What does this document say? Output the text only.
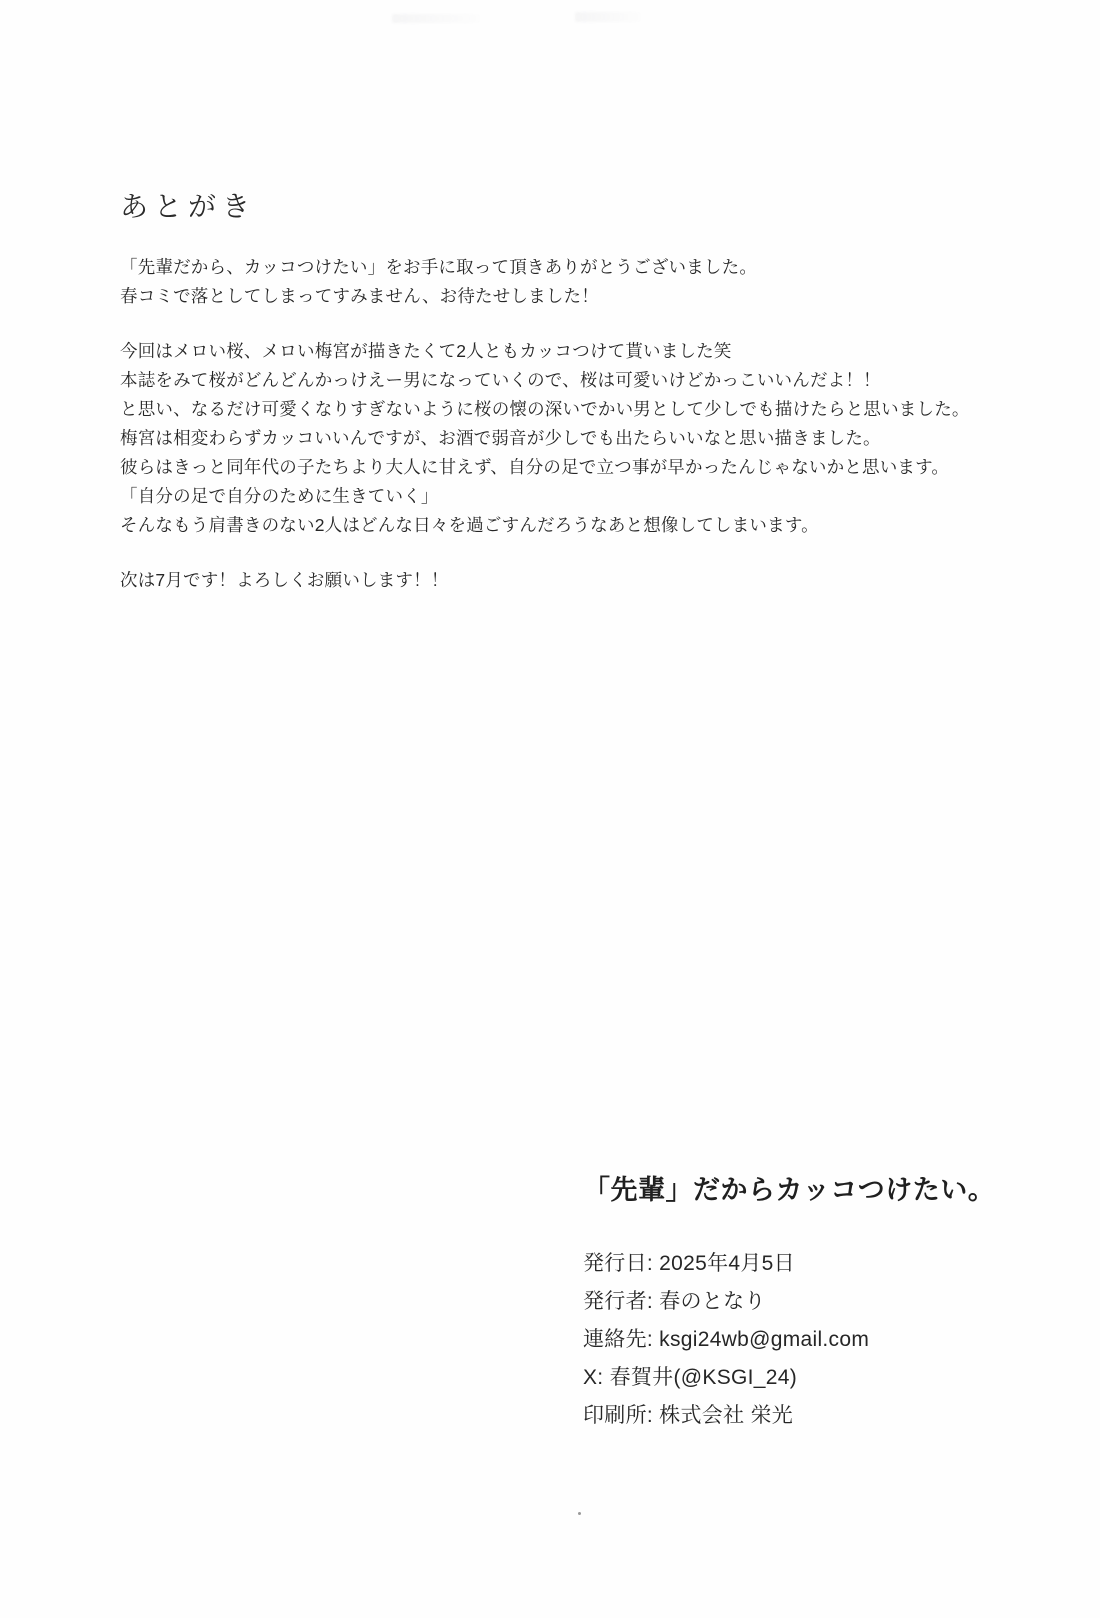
あとがき

「先輩だから、カッコつけたい」をお手に取って頂きありがとうございました。

春コミで落としてしまってすみません、お待たせしました！

今回はメロい桜、メロい梅宮が描きたくて2人ともカッコつけて貰いました笑

本誌をみて桜がどんどんかっけえー男になっていくので、桜は可愛いけどかっこいいんだよ！！

と思い、なるだけ可愛くなりすぎないように桜の懐の深いでかい男として少しでも描けたらと思いました。

梅宮は相変わらずカッコいいんですが、お酒で弱音が少しでも出たらいいなと思い描きました。

彼らはきっと同年代の子たちより大人に甘えず、自分の足で立つ事が早かったんじゃないかと思います。

「自分の足で自分のために生きていく」

そんなもう肩書きのない2人はどんな日々を過ごすんだろうなあと想像してしまいます。

次は7月です！よろしくお願いします！！

「先輩」だからカッコつけたい。
発行日: 2025年4月5日
発行者: 春のとなり
連絡先: ksgi24wb@gmail.com
X: 春賀井(@KSGI_24)
印刷所: 株式会社 栄光
